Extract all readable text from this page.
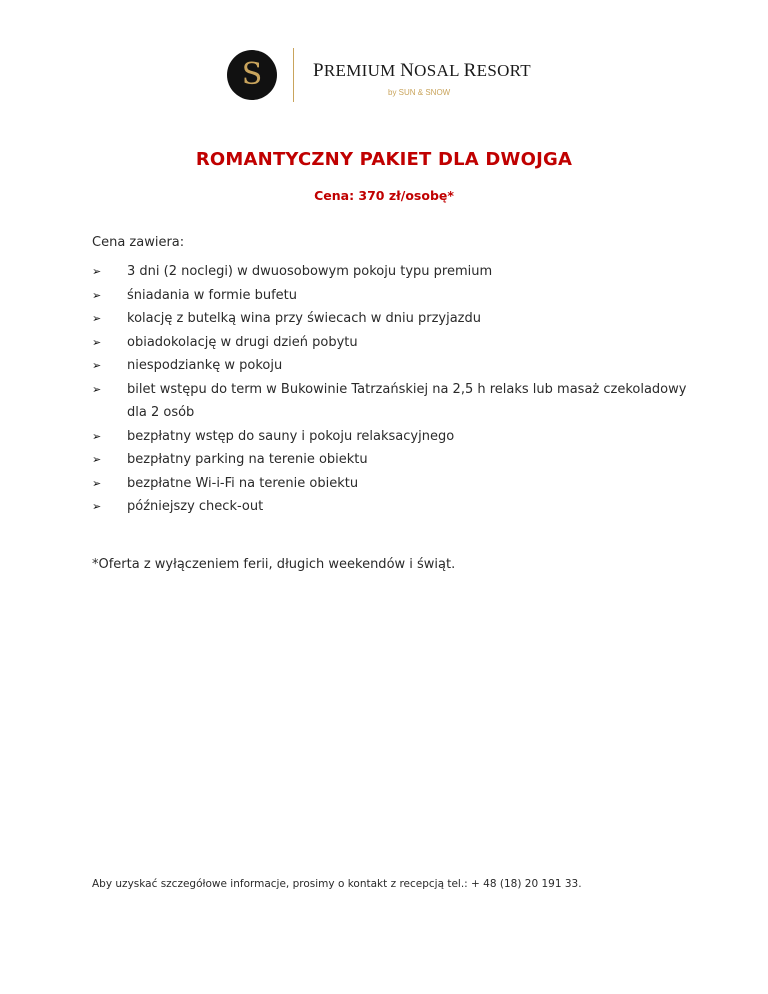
S	PREMIUM NOSAL RESORT
by SUN & SNOW
ROMANTYCZNY PAKIET DLA DWOJGA
Cena: 370 zł/osobę*
Cena zawiera:
➢ 3 dni (2 noclegi) w dwuosobowym pokoju typu premium
➢ śniadania w formie bufetu
➢ kolację z butelką wina przy świecach w dniu przyjazdu
➢ obiadokolację w drugi dzień pobytu
➢ niespodziankę w pokoju
➢ bilet wstępu do term w Bukowinie Tatrzańskiej na 2,5 h relaks lub masaż czekoladowy dla 2 osób
➢ bezpłatny wstęp do sauny i pokoju relaksacyjnego
➢ bezpłatny parking na terenie obiektu
➢ bezpłatne Wi-i-Fi na terenie obiektu
➢ późniejszy check-out
*Oferta z wyłączeniem ferii, długich weekendów i świąt.
Aby uzyskać szczegółowe informacje, prosimy o kontakt z recepcją tel.: + 48 (18) 20 191 33.
